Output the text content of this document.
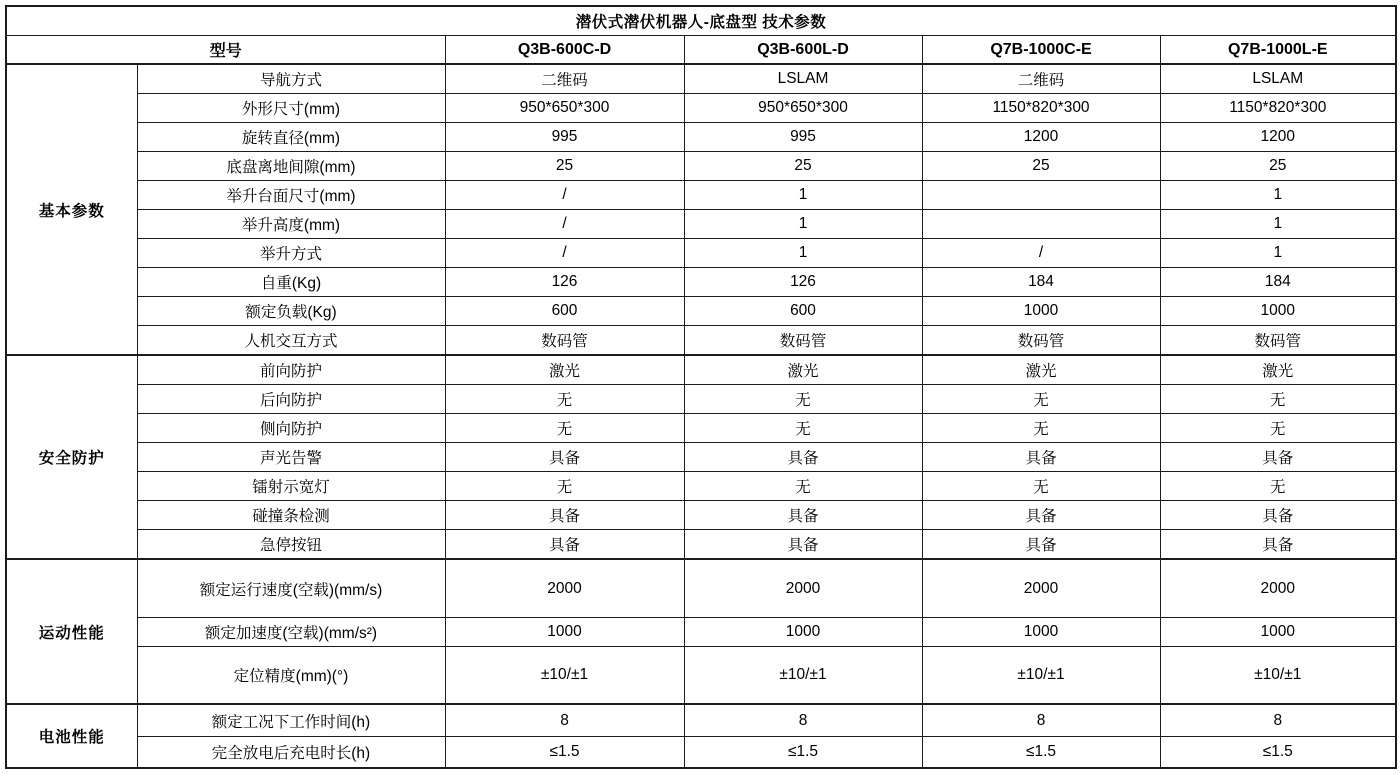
潜伏式潜伏机器人-底盘型 技术参数					
型号		Q3B-600C-D	Q3B-600L-D	Q7B-1000C-E	Q7B-1000L-E
基本参数	导航方式	二维码	LSLAM	二维码	LSLAM
	外形尺寸(mm)	950*650*300	950*650*300	1150*820*300	1150*820*300
	旋转直径(mm)	995	995	1200	1200
	底盘离地间隙(mm)	25	25	25	25
	举升台面尺寸(mm)	/	1		1
	举升高度(mm)	/	1		1
	举升方式	/	1	/	1
	自重(Kg)	126	126	184	184
	额定负载(Kg)	600	600	1000	1000
	人机交互方式	数码管	数码管	数码管	数码管
安全防护	前向防护	激光	激光	激光	激光
	后向防护	无	无	无	无
	侧向防护	无	无	无	无
	声光告警	具备	具备	具备	具备
	镭射示宽灯	无	无	无	无
	碰撞条检测	具备	具备	具备	具备
	急停按钮	具备	具备	具备	具备
运动性能	额定运行速度(空载)(mm/s)	2000	2000	2000	2000
	额定加速度(空载)(mm/s²)	1000	1000	1000	1000
	定位精度(mm)(°)	±10/±1	±10/±1	±10/±1	±10/±1
电池性能	额定工况下工作时间(h)	8	8	8	8
	完全放电后充电时长(h)	≤1.5	≤1.5	≤1.5	≤1.5
